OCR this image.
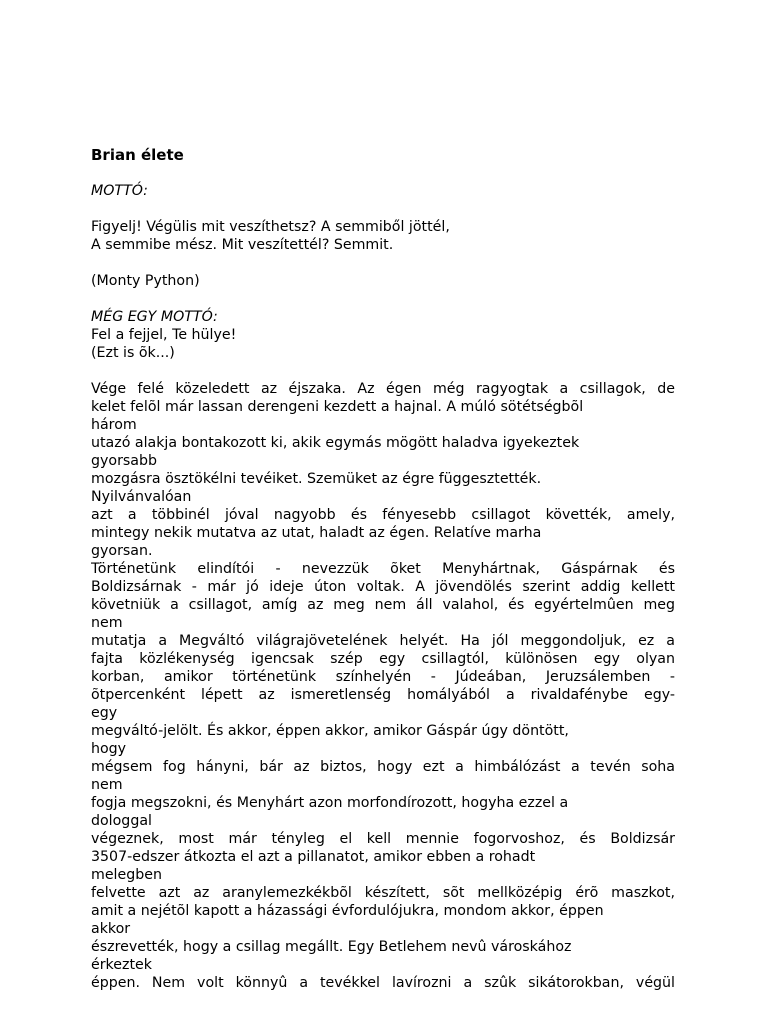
Brian élete
MOTTÓ:
Figyelj! Végülis mit veszíthetsz? A semmiből jöttél,
A semmibe mész. Mit veszítettél? Semmit.
(Monty Python)
MÉG EGY MOTTÓ:
Fel a fejjel, Te hülye!
(Ezt is õk...)
Vége felé közeledett az éjszaka. Az égen még ragyogtak a csillagok, de
kelet felõl már lassan derengeni kezdett a hajnal. A múló sötétségbõl
három
utazó alakja bontakozott ki, akik egymás mögött haladva igyekeztek
gyorsabb
mozgásra ösztökélni tevéiket. Szemüket az égre függesztették.
Nyilvánvalóan
azt a többinél jóval nagyobb és fényesebb csillagot követték, amely,
mintegy nekik mutatva az utat, haladt az égen. Relatíve marha
gyorsan.
Történetünk elindítói - nevezzük õket Menyhártnak, Gáspárnak és
Boldizsárnak - már jó ideje úton voltak. A jövendölés szerint addig kellett
követniük a csillagot, amíg az meg nem áll valahol, és egyértelmûen meg
nem
mutatja a Megváltó világrajövetelének helyét. Ha jól meggondoljuk, ez a
fajta közlékenység igencsak szép egy csillagtól, különösen egy olyan
korban, amikor történetünk színhelyén - Júdeában, Jeruzsálemben -
õtpercenként lépett az ismeretlenség homályából a rivaldafénybe egy-
egy
megváltó-jelölt. És akkor, éppen akkor, amikor Gáspár úgy döntött,
hogy
mégsem fog hányni, bár az biztos, hogy ezt a himbálózást a tevén soha
nem
fogja megszokni, és Menyhárt azon morfondírozott, hogyha ezzel a
dologgal
végeznek, most már tényleg el kell mennie fogorvoshoz, és Boldizsár
3507-edszer átkozta el azt a pillanatot, amikor ebben a rohadt
melegben
felvette azt az aranylemezkékbõl készített, sõt mellközépig érõ maszkot,
amit a nejétõl kapott a házassági évfordulójukra, mondom akkor, éppen
akkor
észrevették, hogy a csillag megállt. Egy Betlehem nevû városkához
érkeztek
éppen. Nem volt könnyû a tevékkel lavírozni a szûk sikátorokban, végül
